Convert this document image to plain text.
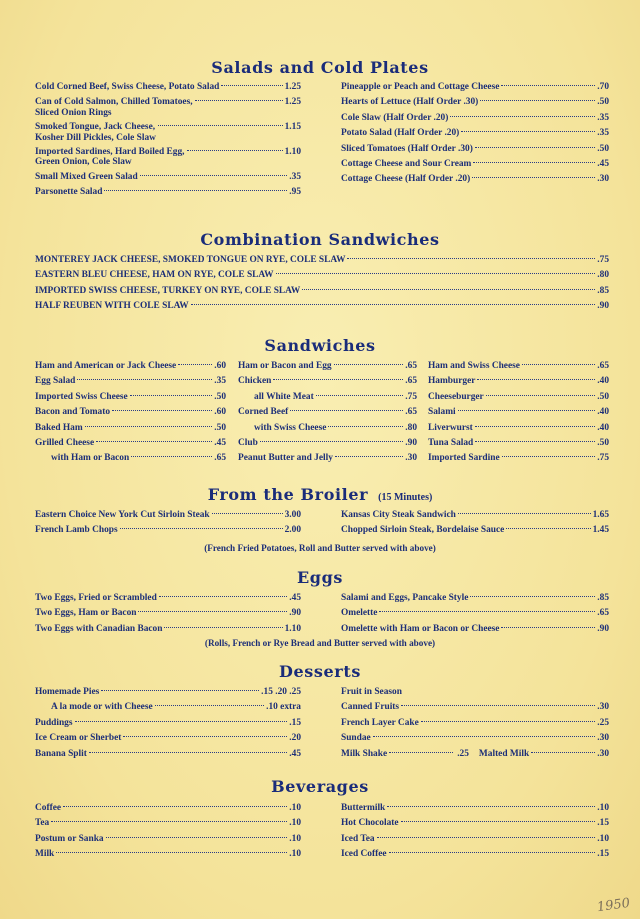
Salads and Cold Plates
Cold Corned Beef, Swiss Cheese, Potato Salad	1.25
Can of Cold Salmon, Chilled Tomatoes,
Sliced Onion Rings
1.25
Smoked Tongue, Jack Cheese,
Kosher Dill Pickles, Cole Slaw
1.15
Imported Sardines, Hard Boiled Egg,
Green Onion, Cole Slaw
1.10
Small Mixed Green Salad	.35
Parsonette Salad	.95
Pineapple or Peach and Cottage Cheese	.70
Hearts of Lettuce (Half Order .30)	.50
Cole Slaw (Half Order .20)	.35
Potato Salad (Half Order .20)	.35
Sliced Tomatoes (Half Order .30)	.50
Cottage Cheese and Sour Cream	.45
Cottage Cheese (Half Order .20)	.30
Combination Sandwiches
MONTEREY JACK CHEESE, SMOKED TONGUE ON RYE, COLE SLAW	.75
EASTERN BLEU CHEESE, HAM ON RYE, COLE SLAW	.80
IMPORTED SWISS CHEESE, TURKEY ON RYE, COLE SLAW	.85
HALF REUBEN WITH COLE SLAW	.90
Sandwiches
Ham and American or Jack Cheese	.60
Egg Salad	.35
Imported Swiss Cheese	.50
Bacon and Tomato	.60
Baked Ham	.50
Grilled Cheese	.45
with Ham or Bacon	.65
Ham or Bacon and Egg	.65
Chicken	.65
all White Meat	.75
Corned Beef	.65
with Swiss Cheese	.80
Club	.90
Peanut Butter and Jelly	.30
Ham and Swiss Cheese	.65
Hamburger	.40
Cheeseburger	.50
Salami	.40
Liverwurst	.40
Tuna Salad	.50
Imported Sardine	.75
From the Broiler (15 Minutes)
Eastern Choice New York Cut Sirloin Steak	3.00
French Lamb Chops	2.00
Kansas City Steak Sandwich	1.65
Chopped Sirloin Steak, Bordelaise Sauce	1.45
(French Fried Potatoes, Roll and Butter served with above)
Eggs
Two Eggs, Fried or Scrambled	.45
Two Eggs, Ham or Bacon	.90
Two Eggs with Canadian Bacon	1.10
Salami and Eggs, Pancake Style	.85
Omelette	.65
Omelette with Ham or Bacon or Cheese	.90
(Rolls, French or Rye Bread and Butter served with above)
Desserts
Homemade Pies	.15 .20 .25
A la mode or with Cheese	.10 extra
Puddings	.15
Ice Cream or Sherbet	.20
Banana Split	.45
Fruit in Season
Canned Fruits	.30
French Layer Cake	.25
Sundae	.30
Milk Shake	.25 Malted Milk	.30
Beverages
Coffee	.10
Tea	.10
Postum or Sanka	.10
Milk	.10
Buttermilk	.10
Hot Chocolate	.15
Iced Tea	.10
Iced Coffee	.15
1950
